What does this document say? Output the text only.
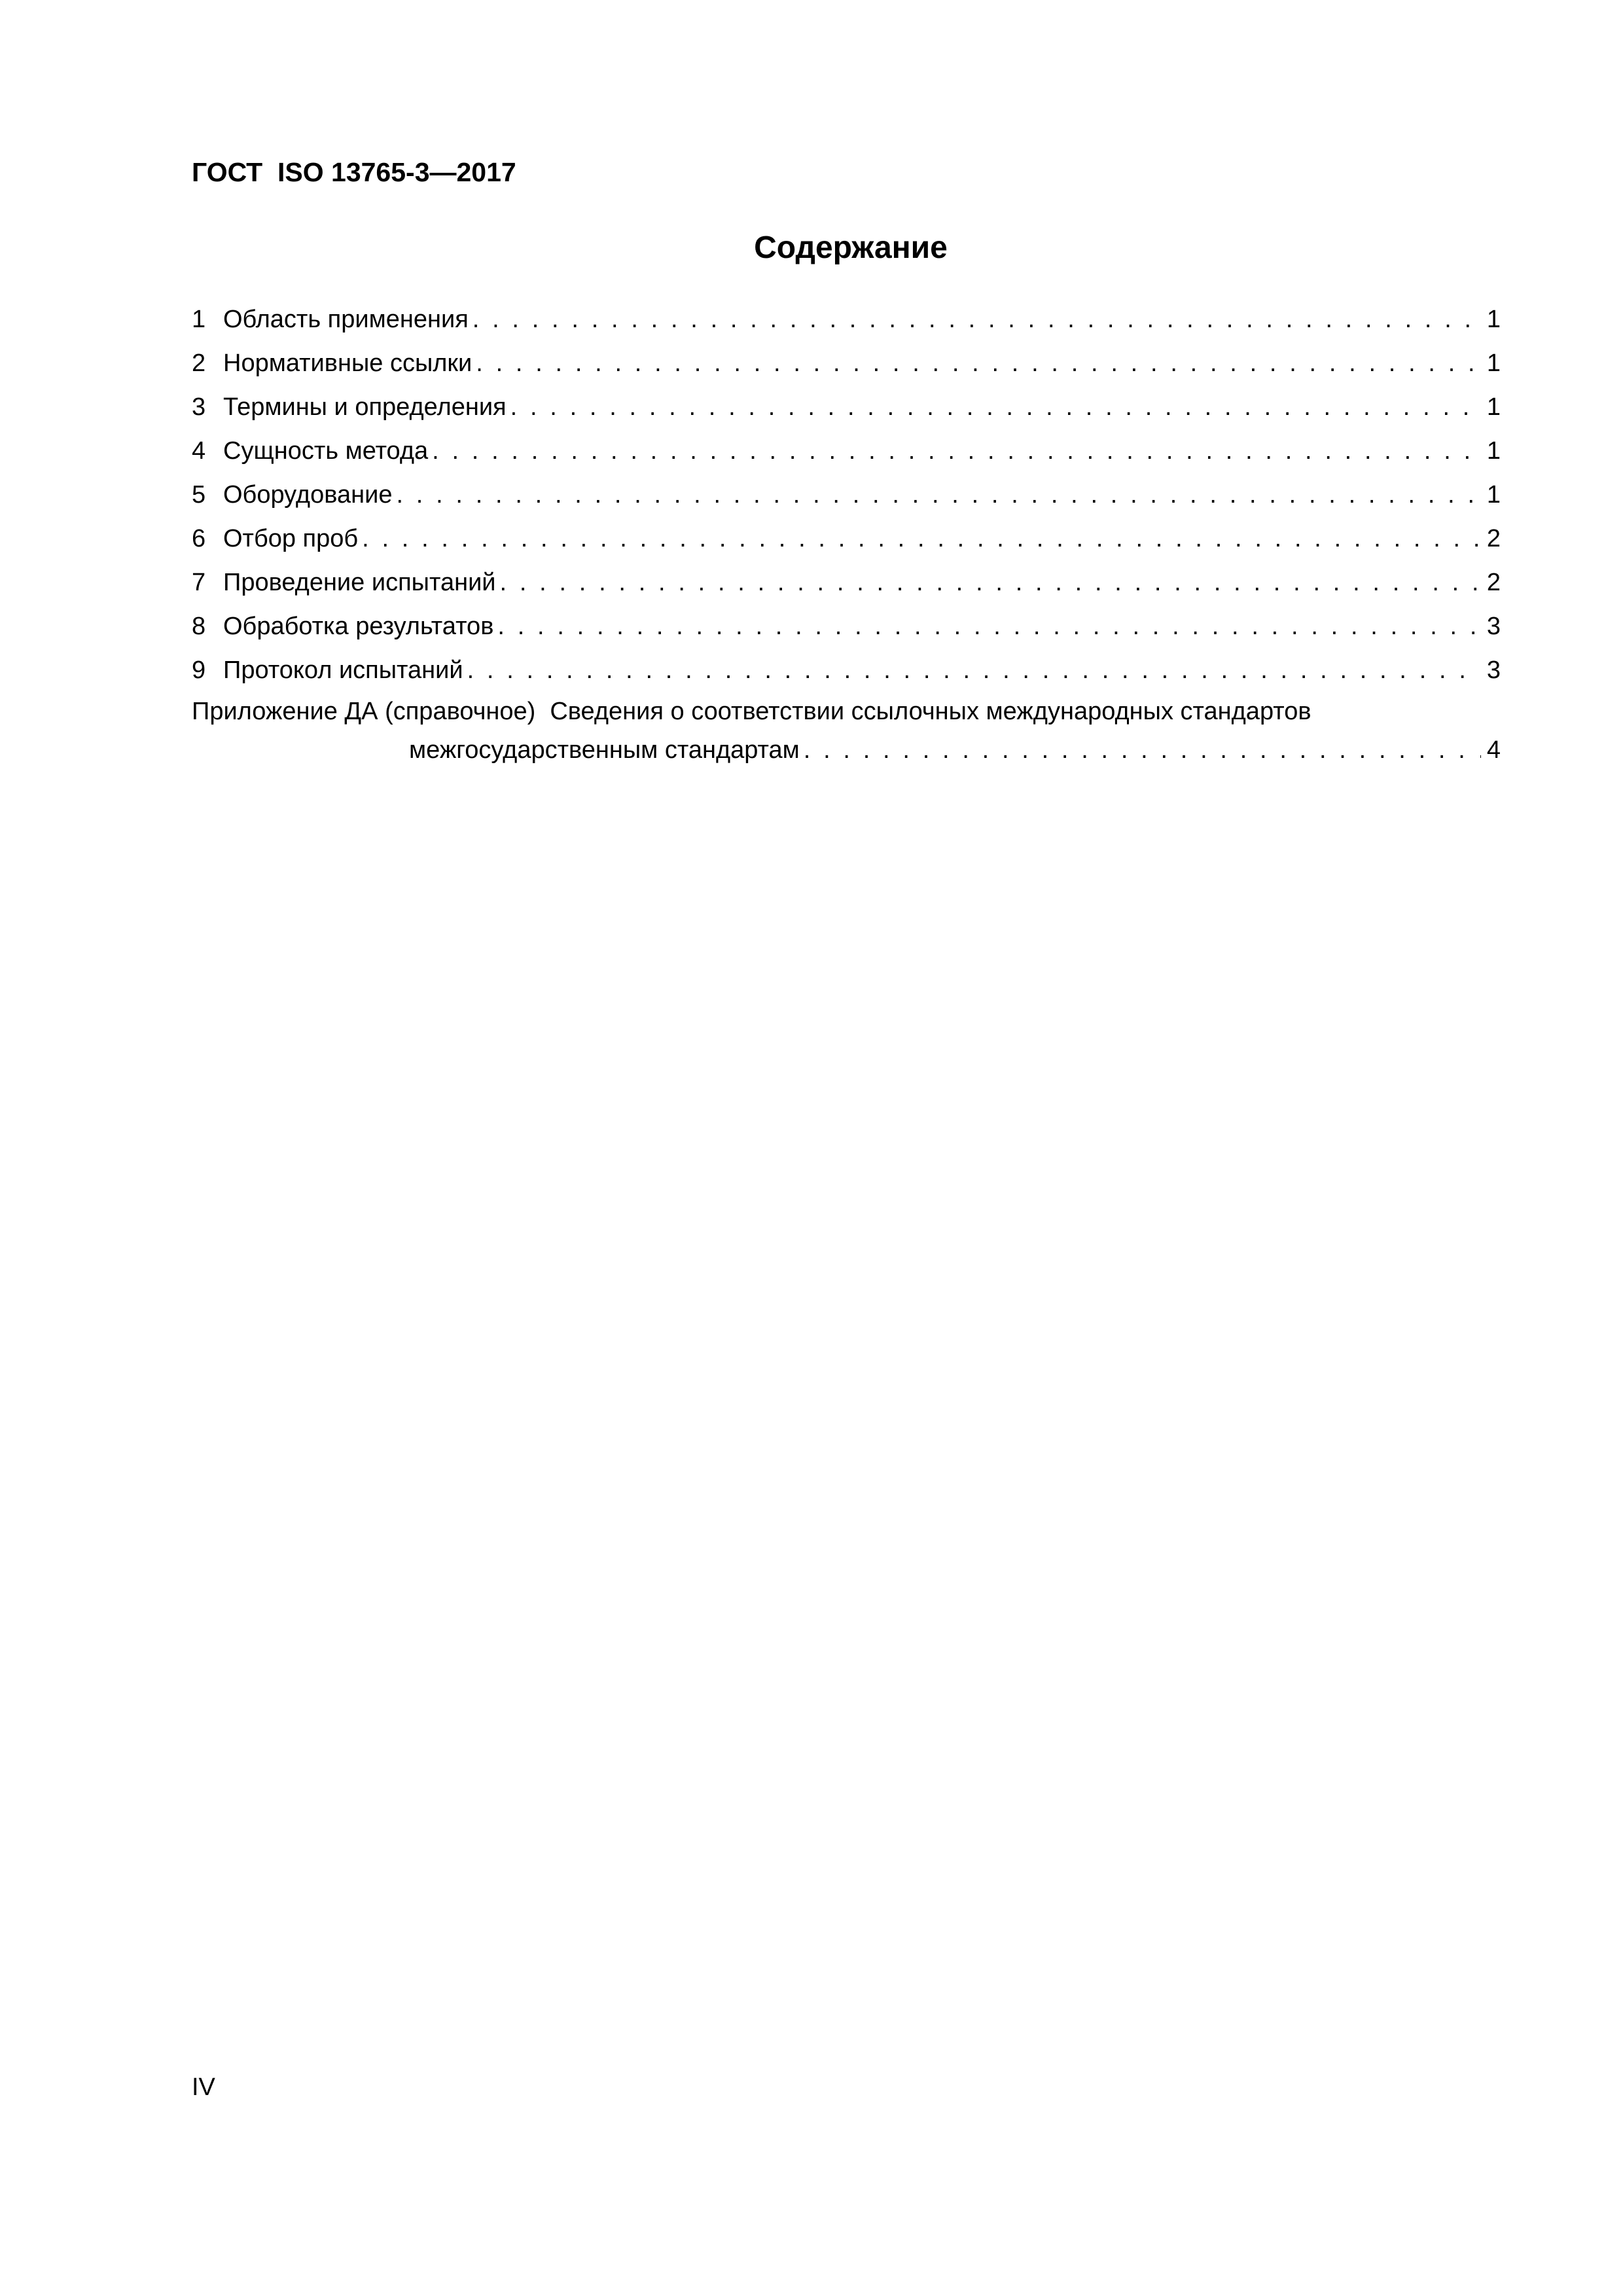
ГОСТ  ISO 13765-3—2017
Содержание
1 Область применения . . .	1
2 Нормативные ссылки . . .	1
3 Термины и определения . . .	1
4 Сущность метода . . .	1
5 Оборудование . . .	1
6 Отбор проб . . .	2
7 Проведение испытаний . . .	2
8 Обработка результатов . . .	3
9 Протокол испытаний . . .	3
Приложение ДА (справочное) Сведения о соответствии ссылочных международных стандартов
межгосударственным стандартам . . .	4
IV
